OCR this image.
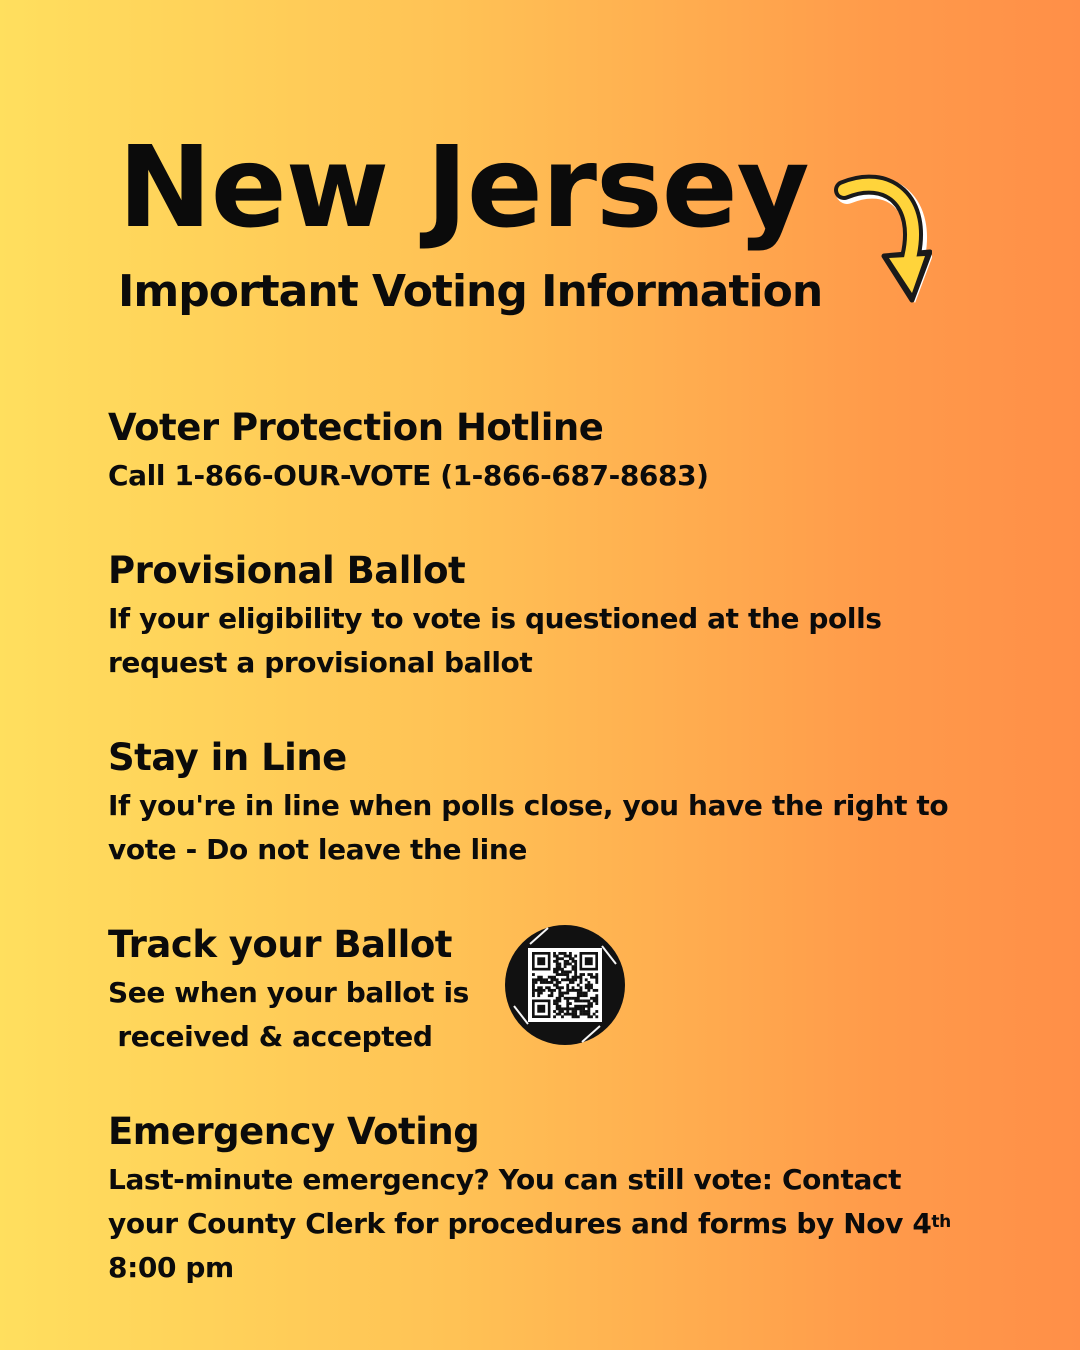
New Jersey
Important Voting Information
Voter Protection Hotline

Call 1-866-OUR-VOTE (1-866-687-8683)

Provisional Ballot

If your eligibility to vote is questioned at the polls

request a provisional ballot

Stay in Line

If you're in line when polls close, you have the right to

vote - Do not leave the line

Track your Ballot

See when your ballot is

received & accepted

Emergency Voting

Last-minute emergency? You can still vote: Contact

your County Clerk for procedures and forms by Nov 4th

8:00 pm
